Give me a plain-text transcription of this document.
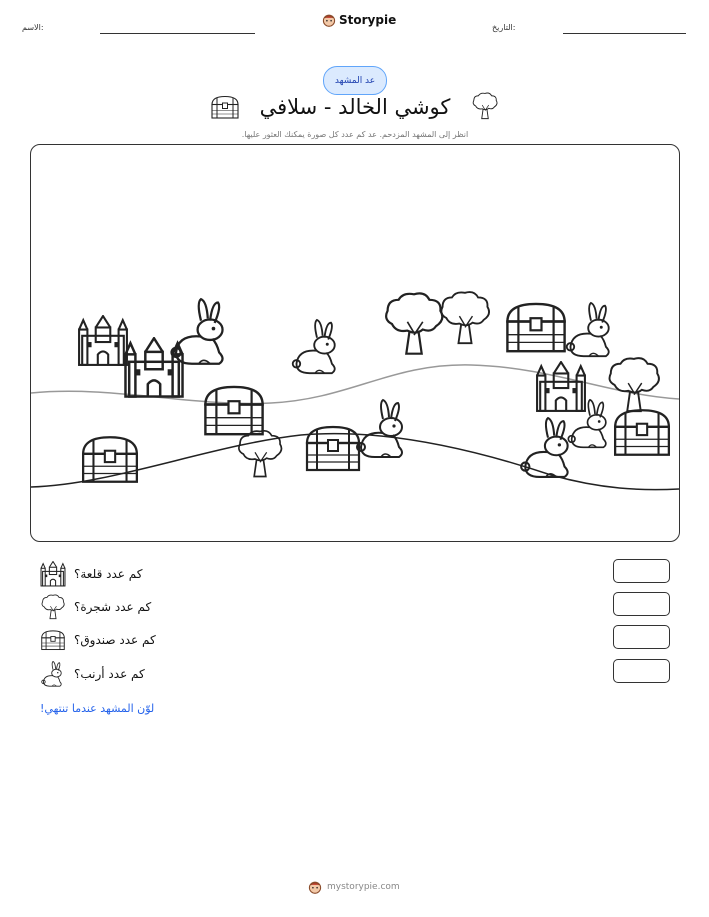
الاسم:
Storypie
التاريخ:
عد المشهد
كوشي الخالد - سلافي
انظر إلى المشهد المزدحم. عد كم عدد كل صورة يمكنك العثور عليها.
كم عدد قلعة؟
كم عدد شجرة؟
كم عدد صندوق؟
كم عدد أرنب؟
لوّن المشهد عندما تنتهي!
mystorypie.com
